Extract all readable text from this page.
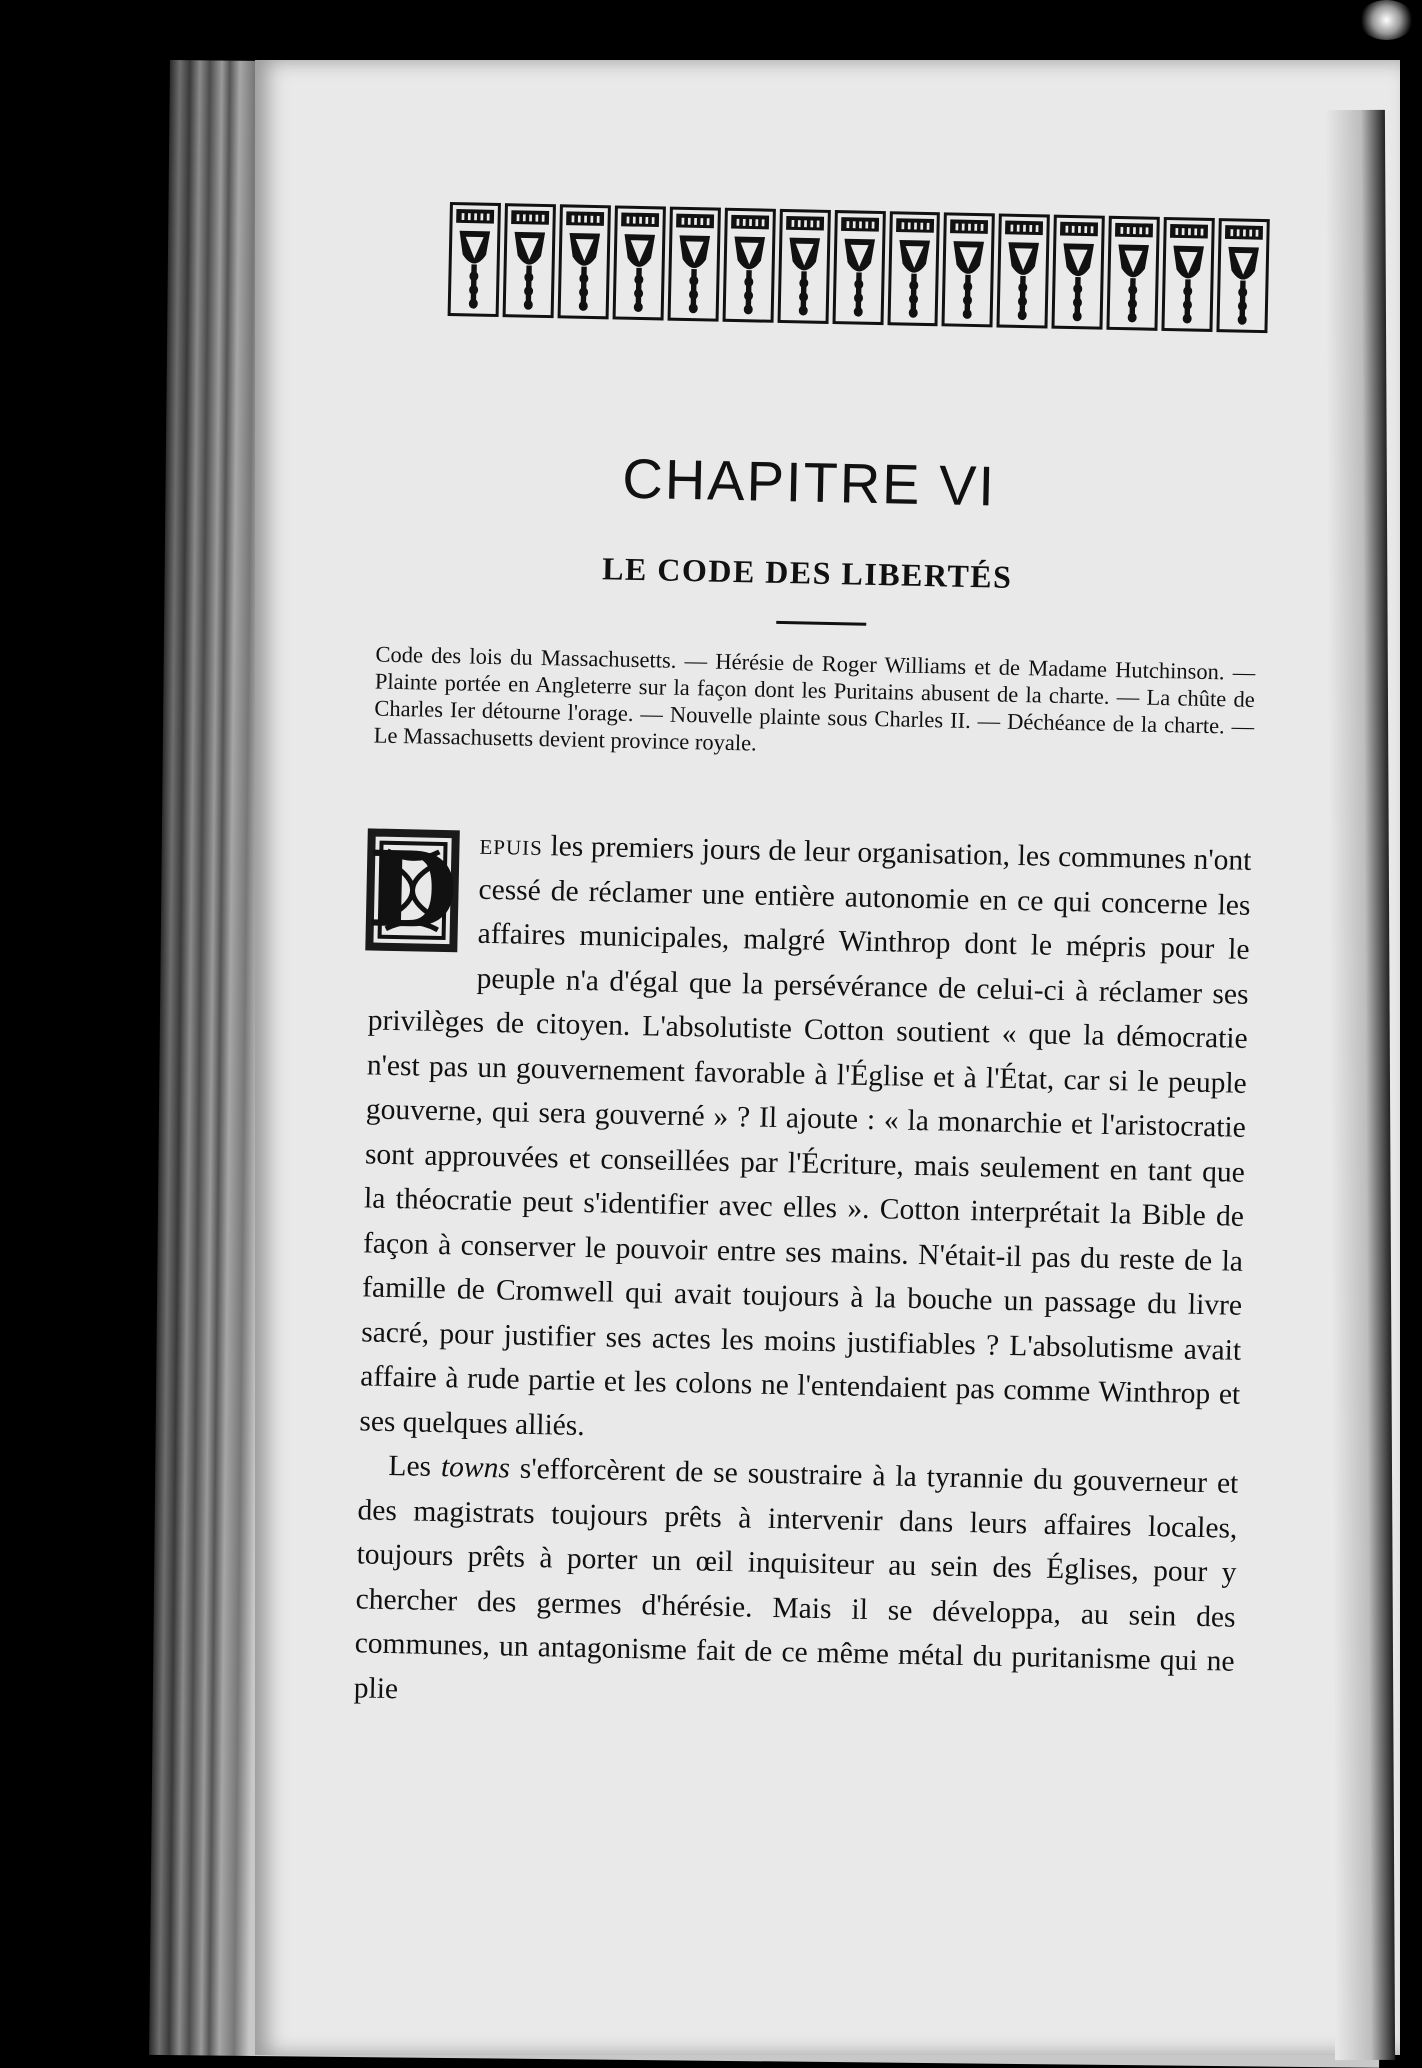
CHAPITRE VI
LE CODE DES LIBERTÉS

Code des lois du Massachusetts. — Hérésie de Roger Williams et de Madame Hutchinson. — Plainte portée en Angleterre sur la façon dont les Puritains abusent de la charte. — La chûte de Charles Ier détourne l'orage. — Nouvelle plainte sous Charles II. — Déchéance de la charte. — Le Massachusetts devient province royale.

D epuis les premiers jours de leur organisation, les communes n'ont cessé de réclamer une entière autonomie en ce qui concerne les affaires municipales, malgré Winthrop dont le mépris pour le peuple n'a d'égal que la persévérance de celui-ci à réclamer ses privilèges de citoyen. L'absolutiste Cotton soutient « que la démocratie n'est pas un gouvernement favorable à l'Église et à l'État, car si le peuple gouverne, qui sera gouverné » ? Il ajoute : « la monarchie et l'aristocratie sont approuvées et conseillées par l'Écriture, mais seulement en tant que la théocratie peut s'identifier avec elles ». Cotton interprétait la Bible de façon à conserver le pouvoir entre ses mains. N'était-il pas du reste de la famille de Cromwell qui avait toujours à la bouche un passage du livre sacré, pour justifier ses actes les moins justifiables ? L'absolutisme avait affaire à rude partie et les colons ne l'entendaient pas comme Winthrop et ses quelques alliés.

Les towns s'efforcèrent de se soustraire à la tyrannie du gouverneur et des magistrats toujours prêts à intervenir dans leurs affaires locales, toujours prêts à porter un œil inquisiteur au sein des Églises, pour y chercher des germes d'hérésie. Mais il se développa, au sein des communes, un antagonisme fait de ce même métal du puritanisme qui ne plie
